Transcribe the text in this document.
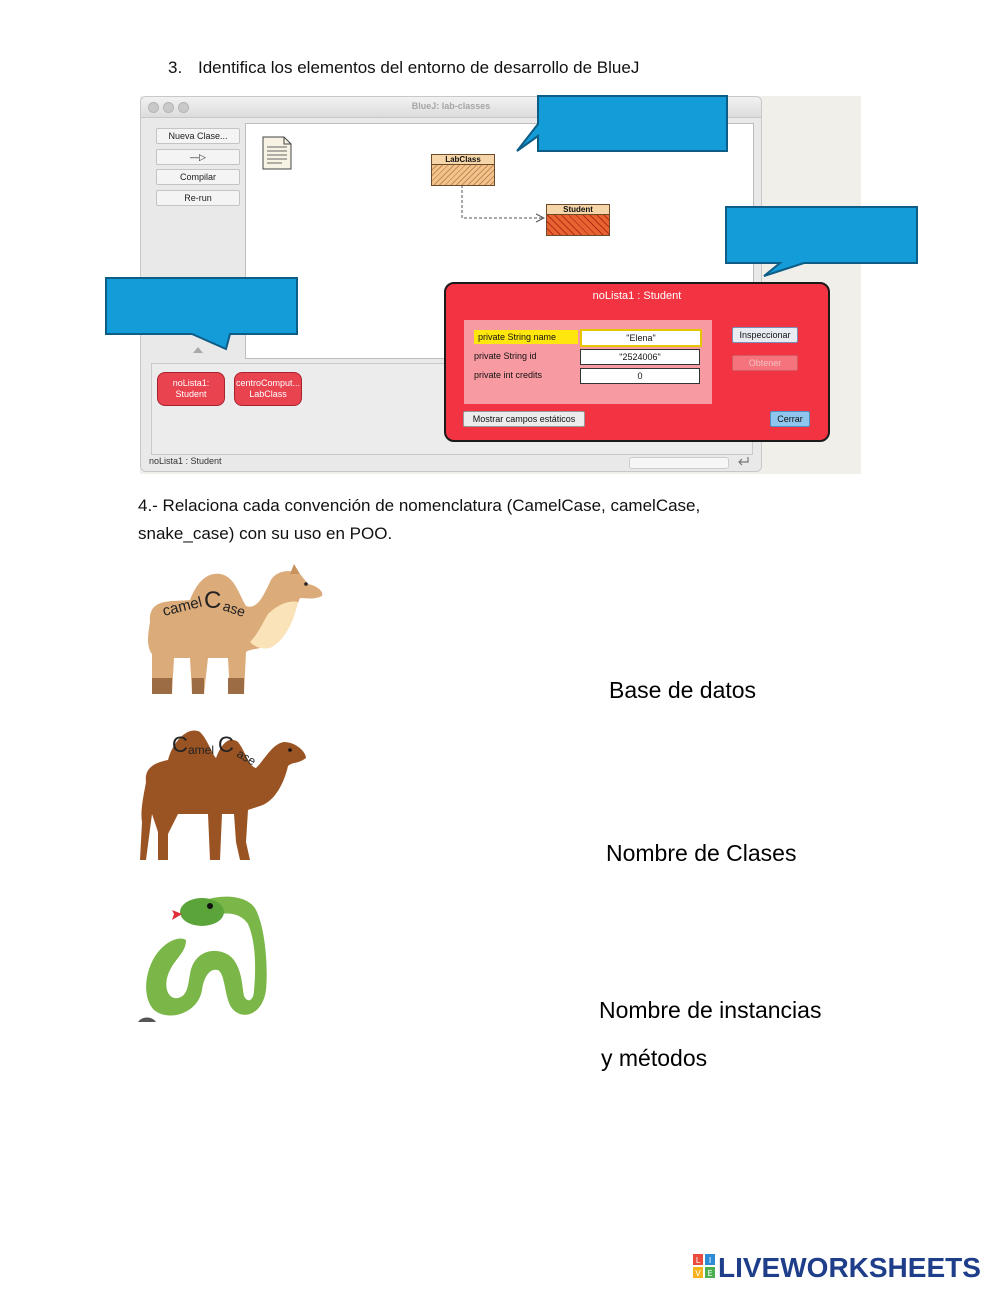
3. Identifica los elementos del entorno de desarrollo de BlueJ
BlueJ: lab-classes
Nueva Clase...
—▷
Compilar
Re-run
LabClass
Student
noLista1:
Student
centroComput...
LabClass
noLista1 : Student
noLista1 : Student
private String name	"Elena"
private String id	"2524006"
private int credits	0
Inspeccionar
Obtener
Mostrar campos estáticos	Cerrar
4.- Relaciona cada convención de nomenclatura (CamelCase, camelCase,
snake_case) con su uso en POO.
camel C ase
C amel C
ase
Base de datos
Nombre de Clases
Nombre de instancias
y métodos
L I
V E LIVEWORKSHEETS
